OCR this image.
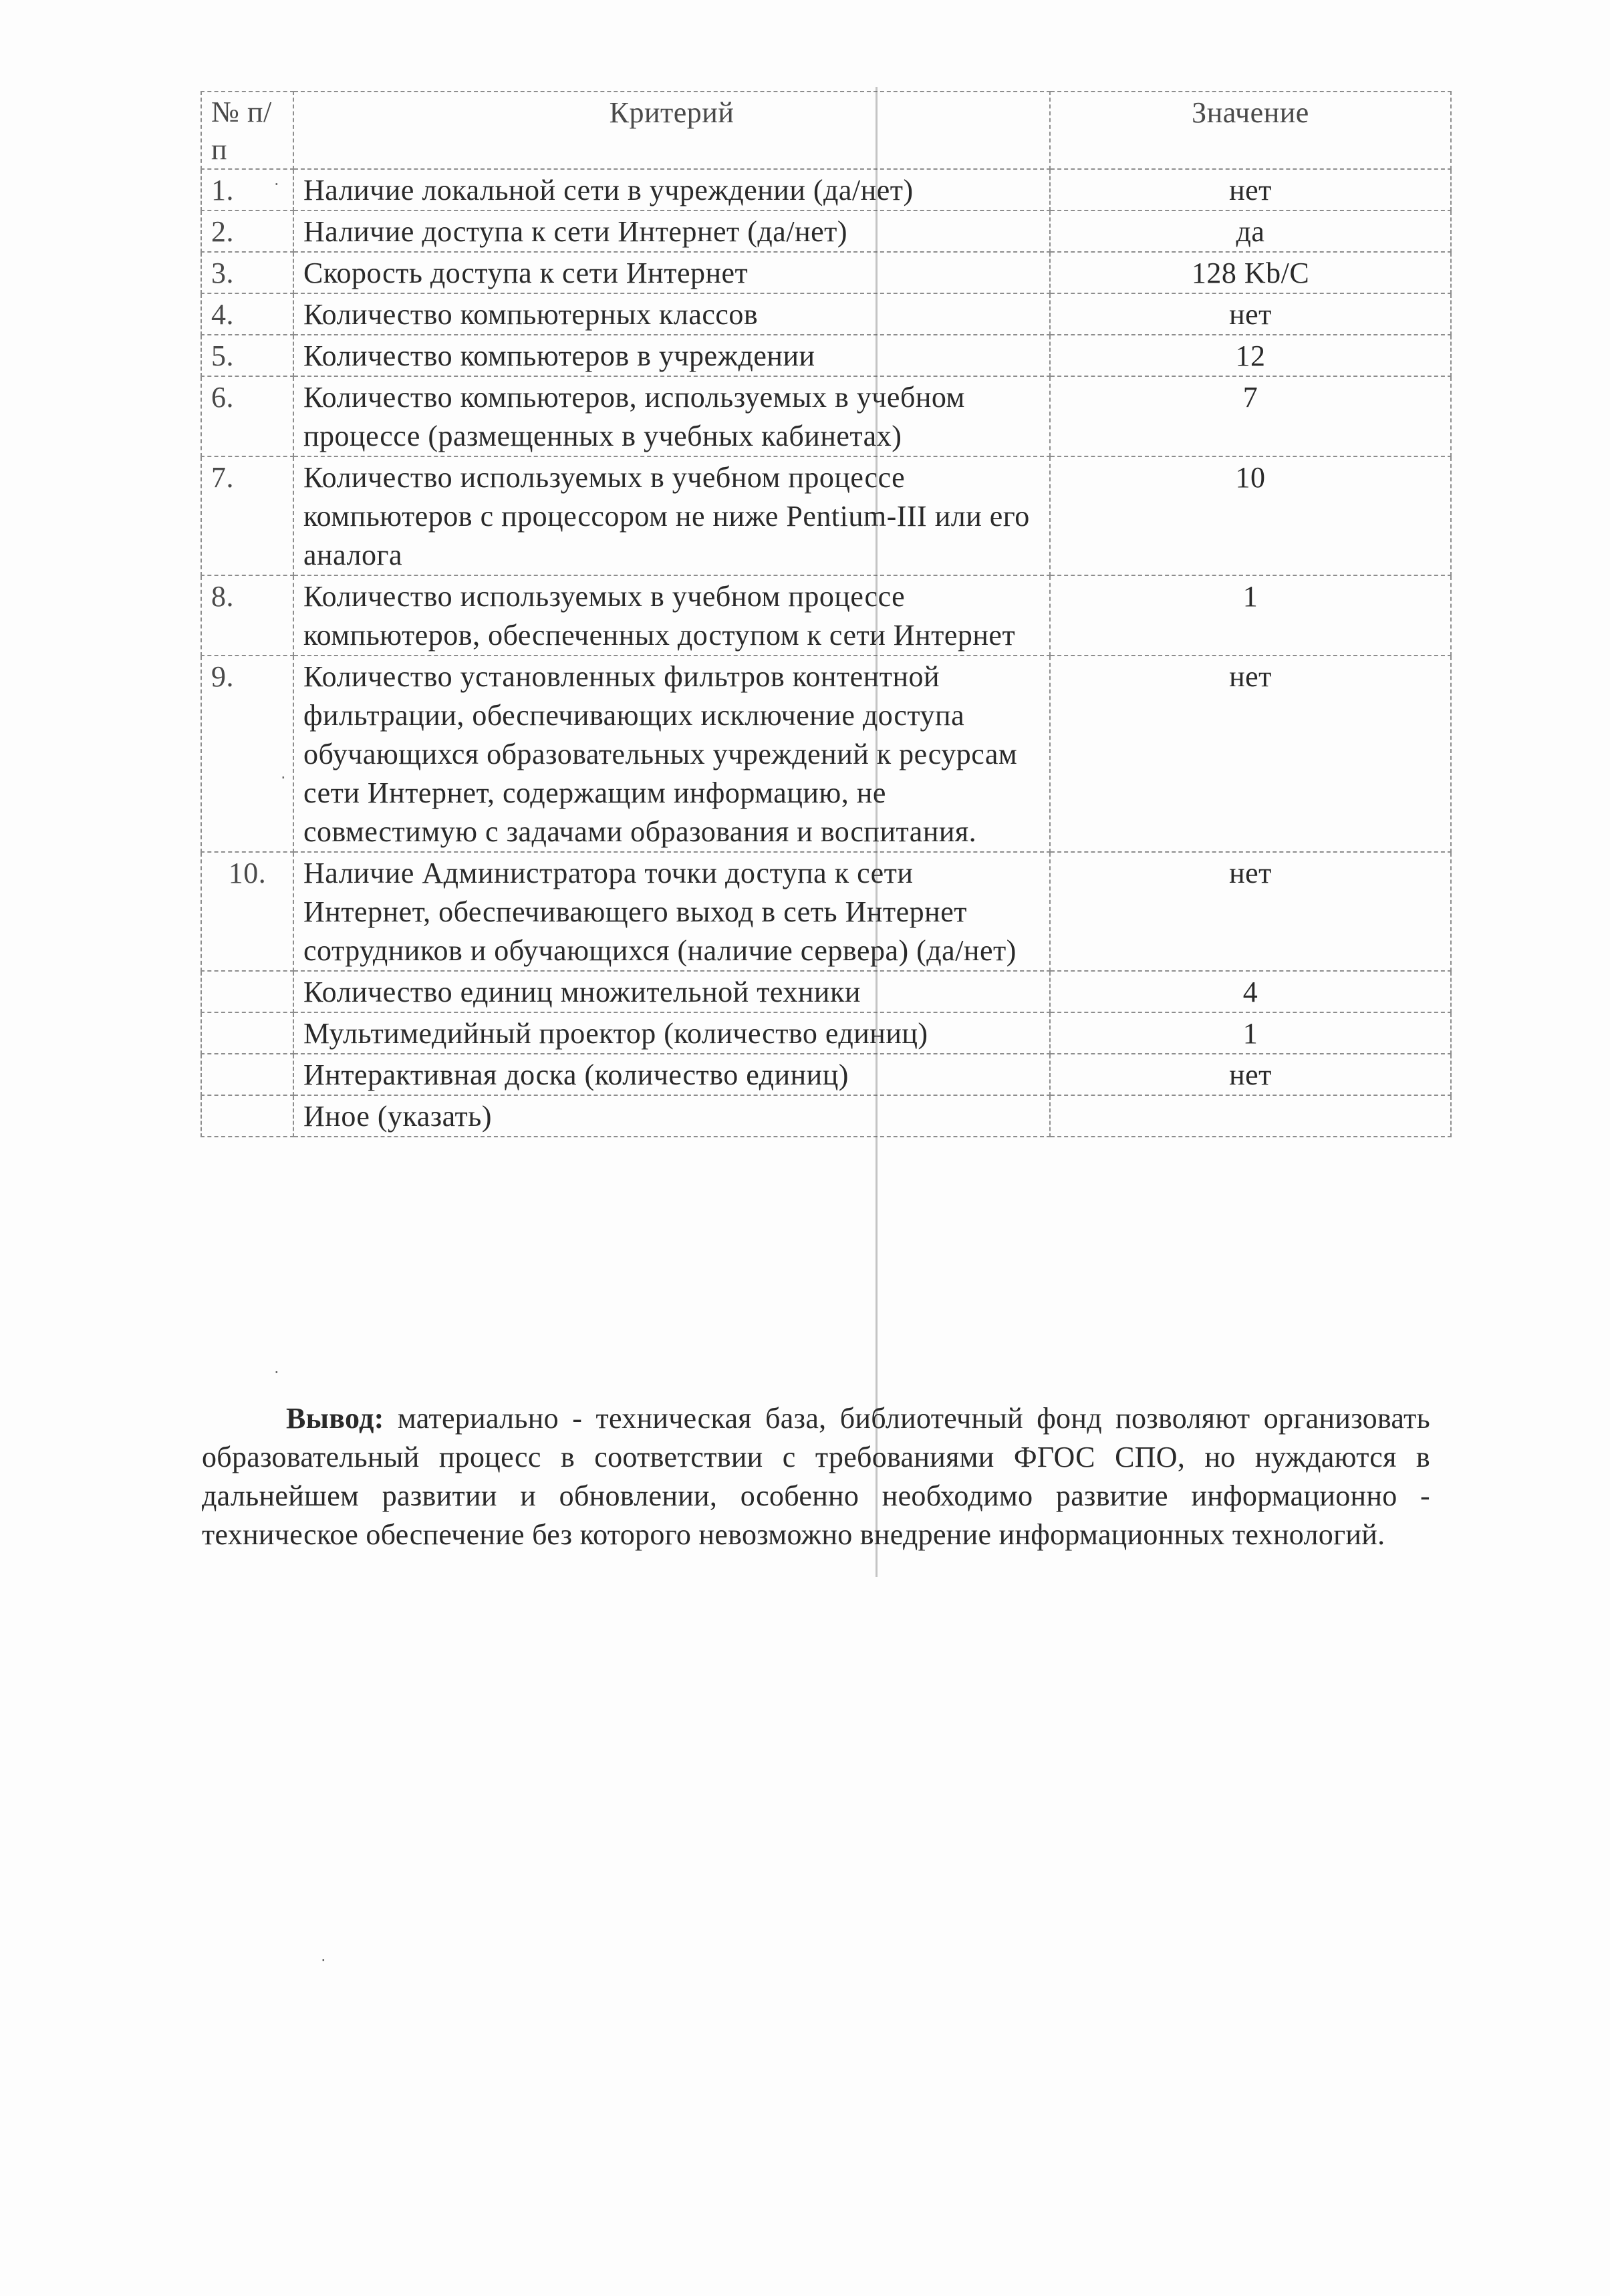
№ п/п	Критерий	Значение
1.	Наличие локальной сети в учреждении (да/нет)	нет
2.	Наличие доступа к сети Интернет (да/нет)	да
3.	Скорость доступа к сети Интернет	128 Kb/C
4.	Количество компьютерных классов	нет
5.	Количество компьютеров в учреждении	12
6.	Количество компьютеров, используемых в учебном процессе (размещенных в учебных кабинетах)	7
7.	Количество используемых в учебном процессе компьютеров с процессором не ниже Pentium-III или его аналога	10
8.	Количество используемых в учебном процессе компьютеров, обеспеченных доступом к сети Интернет	1
9.	Количество установленных фильтров контентной фильтрации, обеспечивающих исключение доступа обучающихся образовательных учреждений к ресурсам сети Интернет, содержащим информацию, не совместимую с задачами образования и воспитания.	нет
10.	Наличие Администратора точки доступа к сети Интернет, обеспечивающего выход в сеть Интернет сотрудников и обучающихся (наличие сервера) (да/нет)	нет
	Количество единиц множительной техники	4
	Мультимедийный проектор (количество единиц)	1
	Интерактивная доска (количество единиц)	нет
	Иное (указать)	
·
·
·
·

Вывод: материально - техническая база, библиотечный фонд позволяют организовать образовательный процесс в соответствии с требованиями ФГОС СПО, но нуждаются в дальнейшем развитии и обновлении, особенно необходимо развитие информационно - техническое обеспечение без которого невозможно внедрение информационных технологий.
